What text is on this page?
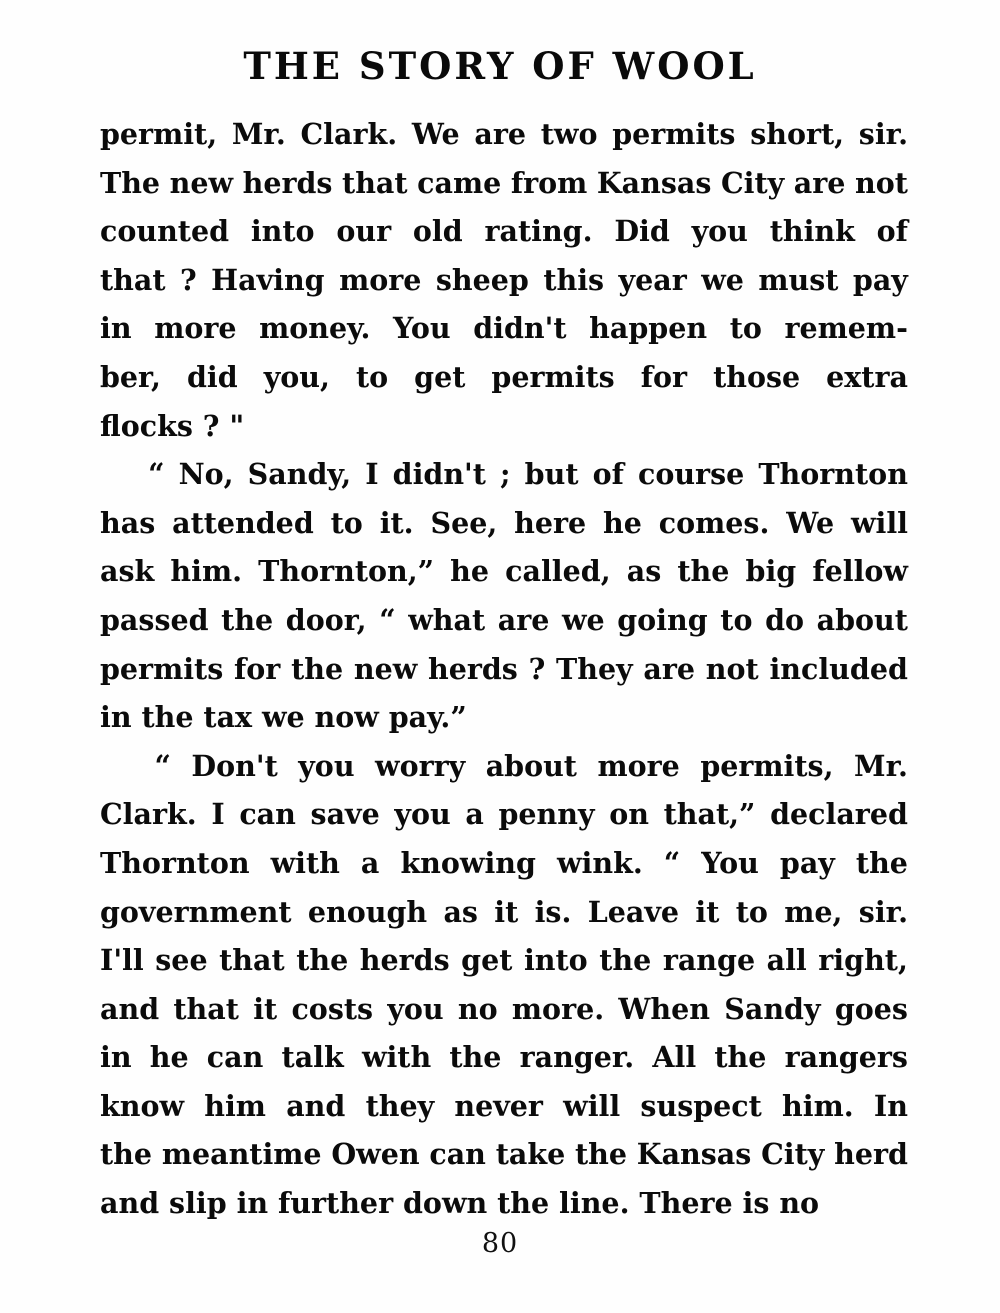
THE STORY OF WOOL

permit, Mr. Clark. We are two permits short, sir.
The new herds that came from Kansas City are not
counted into our old rating. Did you think of
that ? Having more sheep this year we must pay
in more money. You didn't happen to remem-
ber, did you, to get permits for those extra
flocks ? "

“ No, Sandy, I didn't ; but of course Thornton
has attended to it. See, here he comes. We will
ask him. Thornton,” he called, as the big fellow
passed the door, “ what are we going to do about
permits for the new herds ? They are not included
in the tax we now pay.”

“ Don't you worry about more permits, Mr.
Clark. I can save you a penny on that,” declared
Thornton with a knowing wink. “ You pay the
government enough as it is. Leave it to me, sir.
I'll see that the herds get into the range all right,
and that it costs you no more. When Sandy goes
in he can talk with the ranger. All the rangers
know him and they never will suspect him. In
the meantime Owen can take the Kansas City herd
and slip in further down the line. There is no

80
